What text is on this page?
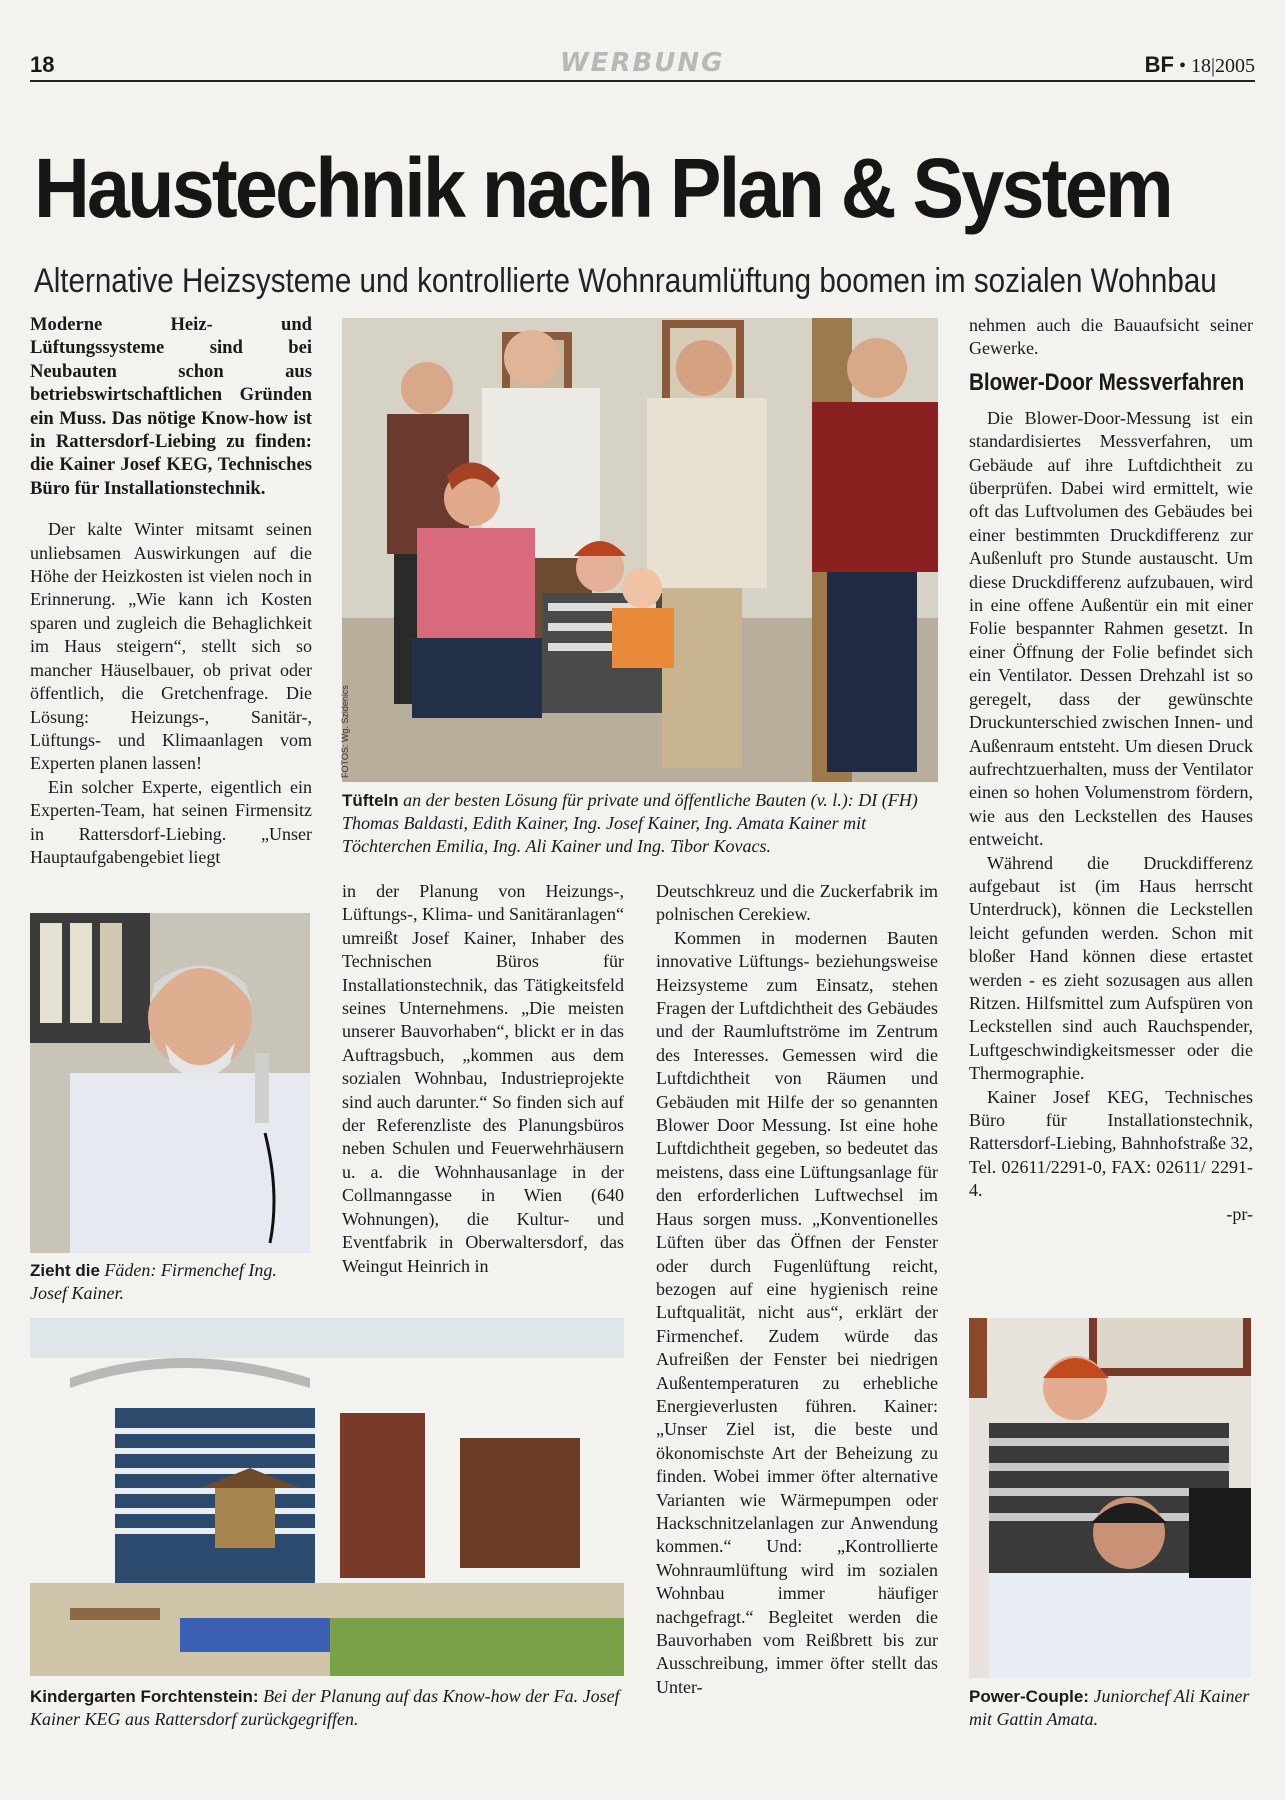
18	WERBUNG	BF • 18|2005
Haustechnik nach Plan & System
Alternative Heizsysteme und kontrollierte Wohnraumlüftung boomen im sozialen Wohnbau

Moderne Heiz- und Lüftungssysteme sind bei Neubauten schon aus betriebswirtschaftlichen Gründen ein Muss. Das nötige Know-how ist in Rattersdorf-Liebing zu finden: die Kainer Josef KEG, Technisches Büro für Installationstechnik.

Der kalte Winter mitsamt seinen unliebsamen Auswirkungen auf die Höhe der Heizkosten ist vielen noch in Erinnerung. „Wie kann ich Kosten sparen und zugleich die Behaglichkeit im Haus steigern“, stellt sich so mancher Häuselbauer, ob privat oder öffentlich, die Gretchenfrage. Die Lösung: Heizungs-, Sanitär-, Lüftungs- und Klimaanlagen vom Experten planen lassen!

Ein solcher Experte, eigentlich ein Experten-Team, hat seinen Firmensitz in Rattersdorf-Liebing. „Unser Hauptaufgabengebiet liegt

FOTOS: Wg. Szidenics
Tüfteln an der besten Lösung für private und öffentliche Bauten (v. l.): DI (FH) Thomas Baldasti, Edith Kainer, Ing. Josef Kainer, Ing. Amata Kainer mit Töchterchen Emilia, Ing. Ali Kainer und Ing. Tibor Kovacs.

in der Planung von Heizungs-, Lüftungs-, Klima- und Sanitäranlagen“ umreißt Josef Kainer, Inhaber des Technischen Büros für Installationstechnik, das Tätigkeitsfeld seines Unternehmens. „Die meisten unserer Bauvorhaben“, blickt er in das Auftragsbuch, „kommen aus dem sozialen Wohnbau, Industrieprojekte sind auch darunter.“ So finden sich auf der Referenzliste des Planungsbüros neben Schulen und Feuerwehrhäusern u. a. die Wohnhausanlage in der Collmanngasse in Wien (640 Wohnungen), die Kultur- und Eventfabrik in Oberwaltersdorf, das Weingut Heinrich in

Deutschkreuz und die Zuckerfabrik im polnischen Cerekiew.

Kommen in modernen Bauten innovative Lüftungs- beziehungsweise Heizsysteme zum Einsatz, stehen Fragen der Luftdichtheit des Gebäudes und der Raumluftströme im Zentrum des Interesses. Gemessen wird die Luftdichtheit von Räumen und Gebäuden mit Hilfe der so genannten Blower Door Messung. Ist eine hohe Luftdichtheit gegeben, so bedeutet das meistens, dass eine Lüftungsanlage für den erforderlichen Luftwechsel im Haus sorgen muss. „Konventionelles Lüften über das Öffnen der Fenster oder durch Fugenlüftung reicht, bezogen auf eine hygienisch reine Luftqualität, nicht aus“, erklärt der Firmenchef. Zudem würde das Aufreißen der Fenster bei niedrigen Außentemperaturen zu erhebliche Energieverlusten führen. Kainer: „Unser Ziel ist, die beste und ökonomischste Art der Beheizung zu finden. Wobei immer öfter alternative Varianten wie Wärmepumpen oder Hackschnitzelanlagen zur Anwendung kommen.“ Und: „Kontrollierte Wohnraumlüftung wird im sozialen Wohnbau immer häufiger nachgefragt.“ Begleitet werden die Bauvorhaben vom Reißbrett bis zur Ausschreibung, immer öfter stellt das Unter-

nehmen auch die Bauaufsicht seiner Gewerke.

Blower-Door Messverfahren

Die Blower-Door-Messung ist ein standardisiertes Messverfahren, um Gebäude auf ihre Luftdichtheit zu überprüfen. Dabei wird ermittelt, wie oft das Luftvolumen des Gebäudes bei einer bestimmten Druckdifferenz zur Außenluft pro Stunde austauscht. Um diese Druckdifferenz aufzubauen, wird in eine offene Außentür ein mit einer Folie bespannter Rahmen gesetzt. In einer Öffnung der Folie befindet sich ein Ventilator. Dessen Drehzahl ist so geregelt, dass der gewünschte Druckunterschied zwischen Innen- und Außenraum entsteht. Um diesen Druck aufrechtzuerhalten, muss der Ventilator einen so hohen Volumenstrom fördern, wie aus den Leckstellen des Hauses entweicht.

Während die Druckdifferenz aufgebaut ist (im Haus herrscht Unterdruck), können die Leckstellen leicht gefunden werden. Schon mit bloßer Hand können diese ertastet werden - es zieht sozusagen aus allen Ritzen. Hilfsmittel zum Aufspüren von Leckstellen sind auch Rauchspender, Luftgeschwindigkeitsmesser oder die Thermographie.

Kainer Josef KEG, Technisches Büro für Installationstechnik, Rattersdorf-Liebing, Bahnhofstraße 32, Tel. 02611/2291-0, FAX: 02611/ 2291-4.

-pr-

Zieht die Fäden: Firmenchef Ing. Josef Kainer.
Kindergarten Forchtenstein: Bei der Planung auf das Know-how der Fa. Josef Kainer KEG aus Rattersdorf zurückgegriffen.
Power-Couple: Juniorchef Ali Kainer mit Gattin Amata.
